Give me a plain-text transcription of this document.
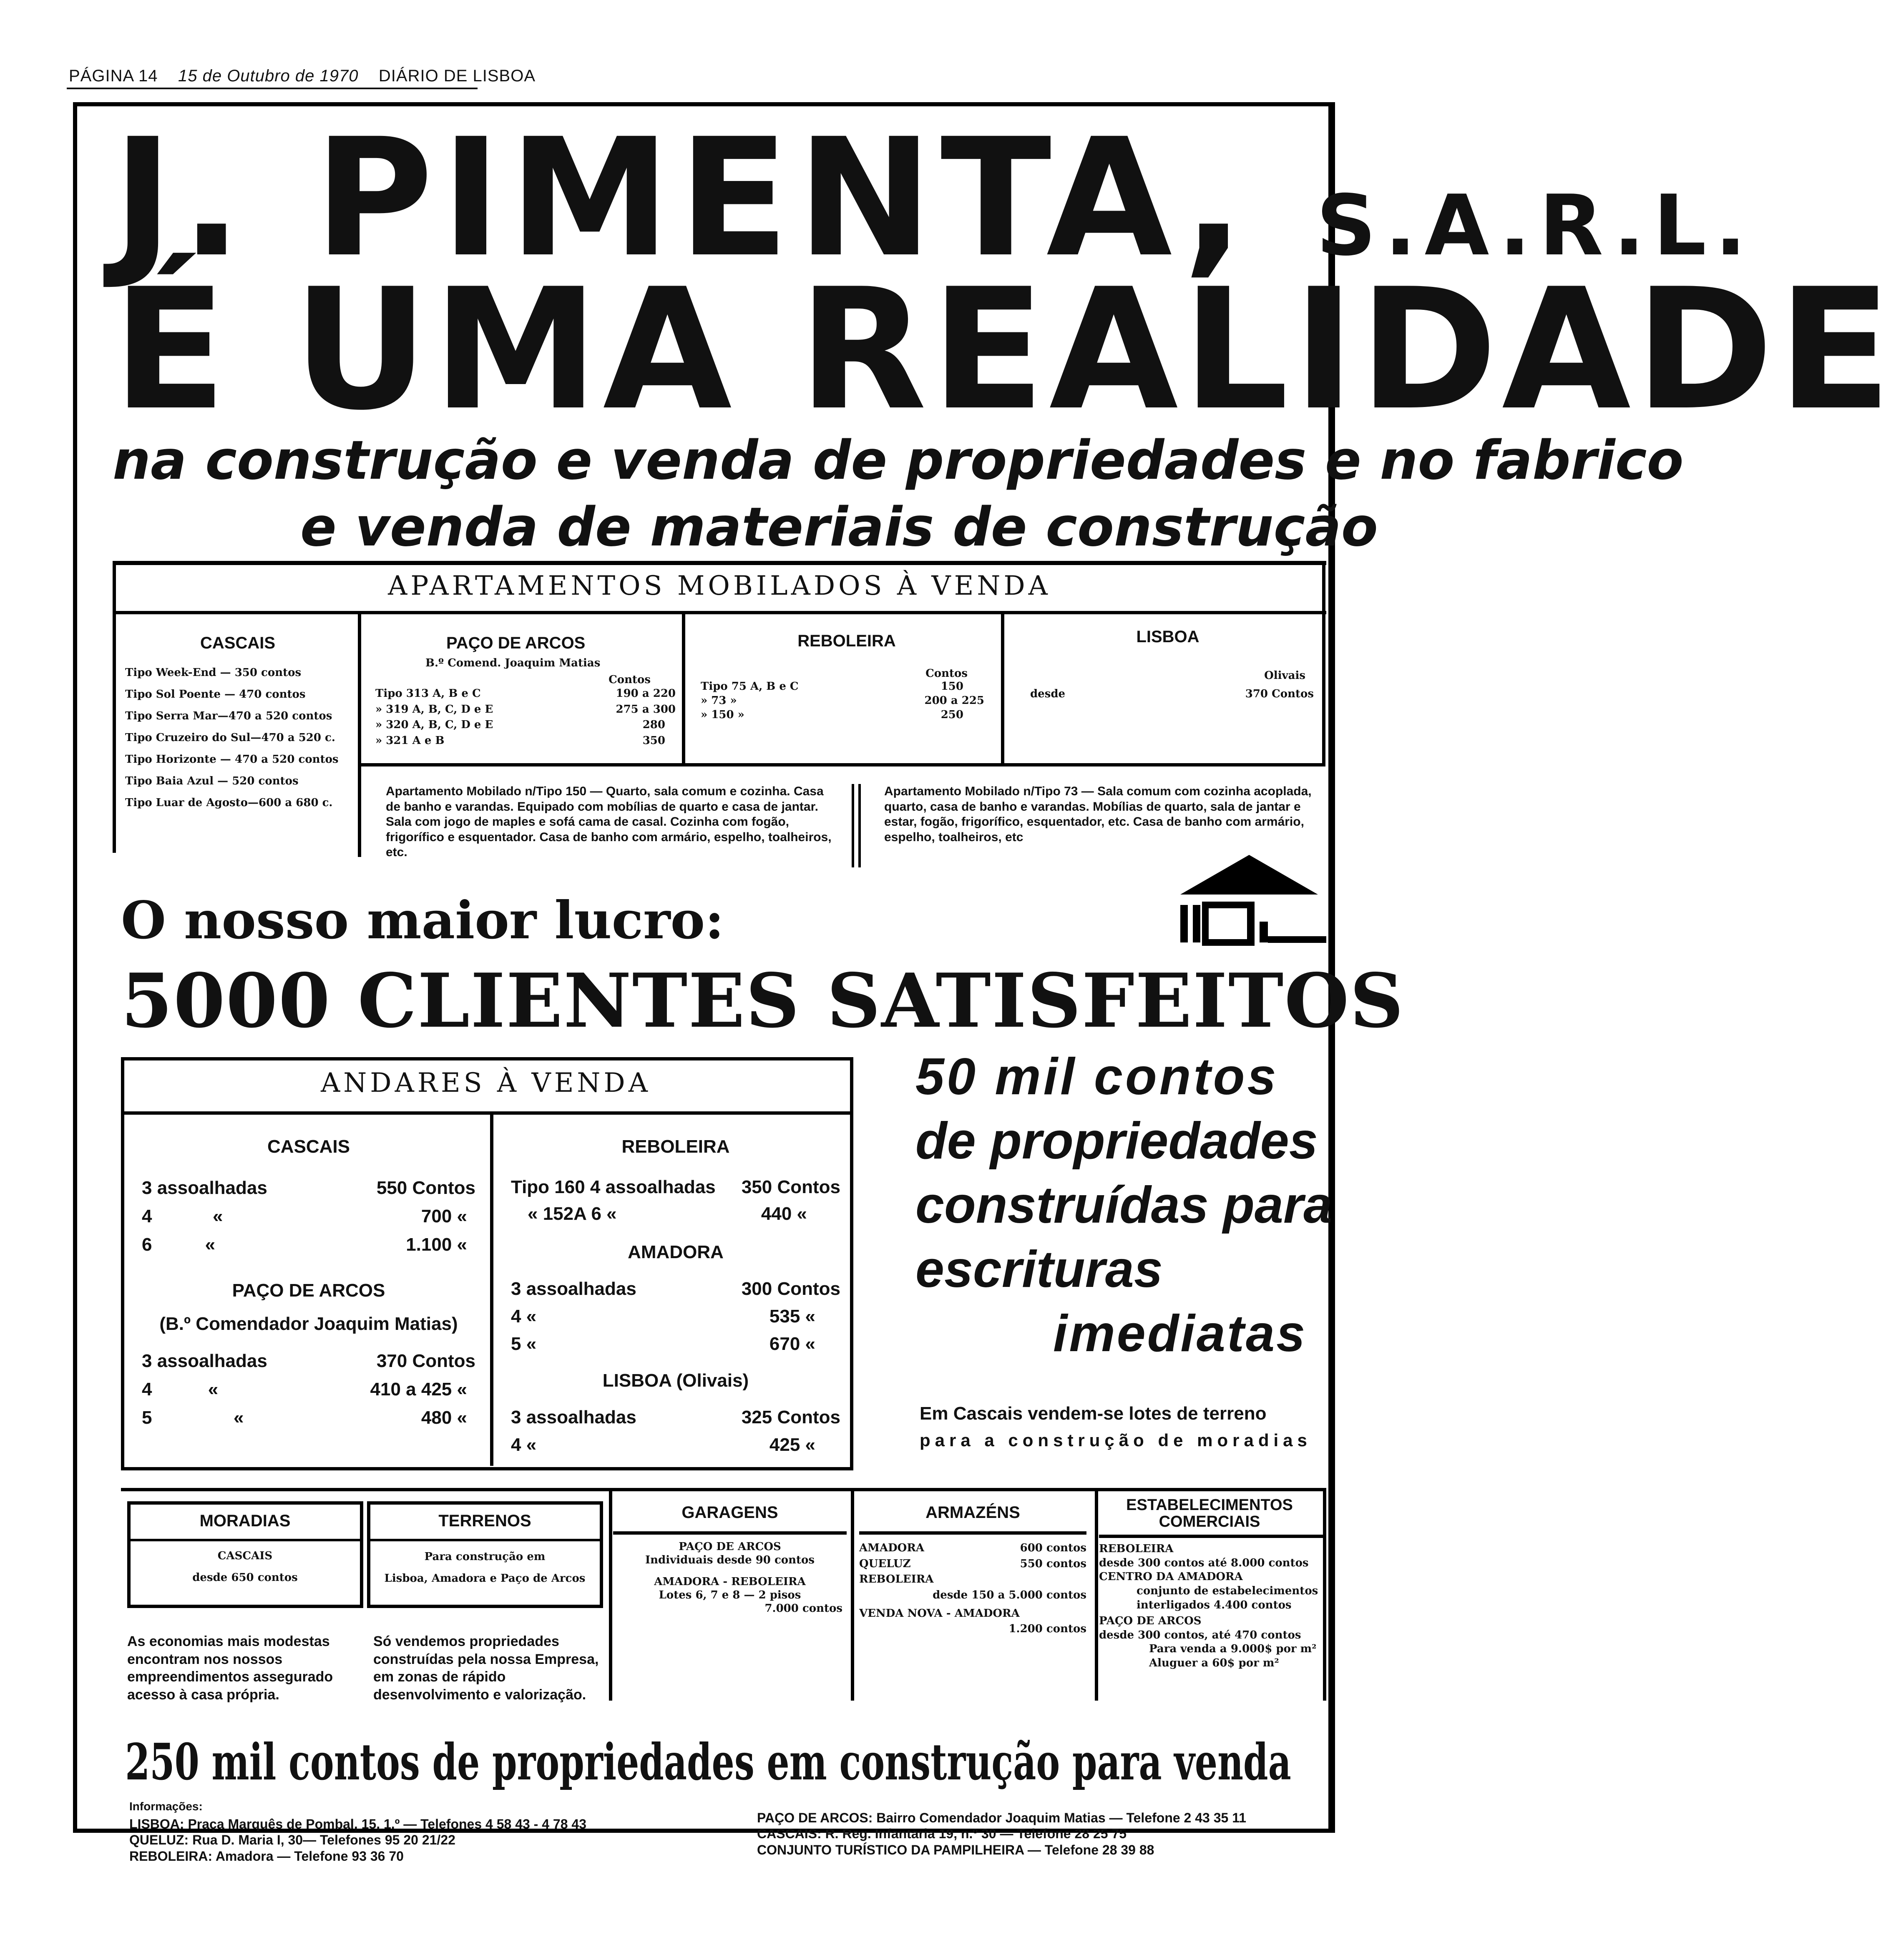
PÁGINA 14 15 de Outubro de 1970 DIÁRIO DE LISBOA
J. PIMENTA, S.A.R.L.
É UMA REALIDADE
na construção e venda de propriedades e no fabrico
e venda de materiais de construção
APARTAMENTOS MOBILADOS À VENDA
CASCAIS
Tipo Week-End — 350 contos
Tipo Sol Poente — 470 contos
Tipo Serra Mar—470 a 520 contos
Tipo Cruzeiro do Sul—470 a 520 c.
Tipo Horizonte — 470 a 520 contos
Tipo Baia Azul — 520 contos
Tipo Luar de Agosto—600 a 680 c.
PAÇO DE ARCOS
B.º Comend. Joaquim Matias
Contos
Tipo 313 A, B e C	190 a 220
» 319 A, B, C, D e E	275 a 300
» 320 A, B, C, D e E	280
» 321 A e B	350
REBOLEIRA
Contos
Tipo 75 A, B e C	150
» 73 »	200 a 225
» 150 »	250
LISBOA
Olivais
desde	370 Contos
Apartamento Mobilado n/Tipo 150 — Quarto, sala comum e cozinha. Casa de banho e varandas. Equipado com mobílias de quarto e casa de jantar. Sala com jogo de maples e sofá cama de casal. Cozinha com fogão, frigorífico e esquentador. Casa de banho com armário, espelho, toalheiros, etc.
Apartamento Mobilado n/Tipo 73 — Sala comum com cozinha acoplada, quarto, casa de banho e varandas. Mobílias de quarto, sala de jantar e estar, fogão, frigorífico, esquentador, etc. Casa de banho com armário, espelho, toalheiros, etc
O nosso maior lucro:
5000 CLIENTES SATISFEITOS
ANDARES À VENDA
CASCAIS
3 assoalhadas	550 Contos
4	«	700 «
6	«	1.100 «
PAÇO DE ARCOS
(B.º Comendador Joaquim Matias)
3 assoalhadas	370 Contos
4	«	410 a 425 «
5	«	480 «
REBOLEIRA
Tipo 160 4 assoalhadas 350 Contos
« 152A 6 «	440 «
AMADORA
3 assoalhadas	300 Contos
4 «	535 «
5 «	670 «
LISBOA (Olivais)
3 assoalhadas	325 Contos
4 «	425 «
50 mil contos
de propriedades
construídas para
escrituras
imediatas
Em Cascais vendem-se lotes de terreno
para a construção de moradias
MORADIAS
CASCAIS
desde 650 contos
As economias mais modestas encontram nos nossos empreendimentos assegurado acesso à casa própria.
TERRENOS
Para construção em
Lisboa, Amadora e Paço de Arcos
Só vendemos propriedades construídas pela nossa Empresa, em zonas de rápido desenvolvimento e valorização.
GARAGENS
PAÇO DE ARCOS
Individuais desde 90 contos
AMADORA - REBOLEIRA
Lotes 6, 7 e 8 — 2 pisos
7.000 contos
ARMAZÉNS
AMADORA	600 contos
QUELUZ	550 contos
REBOLEIRA
desde 150 a 5.000 contos
VENDA NOVA - AMADORA
1.200 contos
ESTABELECIMENTOS COMERCIAIS
REBOLEIRA
desde 300 contos até 8.000 contos
CENTRO DA AMADORA
conjunto de estabelecimentos
interligados 4.400 contos
PAÇO DE ARCOS
desde 300 contos, até 470 contos
Para venda a 9.000$ por m²
Aluguer a 60$ por m²
250 mil contos de propriedades em construção para venda
Informações:
LISBOA: Praça Marquês de Pombal, 15, 1.º — Telefones 4 58 43 - 4 78 43
QUELUZ: Rua D. Maria I, 30— Telefones 95 20 21/22
REBOLEIRA: Amadora — Telefone 93 36 70
PAÇO DE ARCOS: Bairro Comendador Joaquim Matias — Telefone 2 43 35 11
CASCAIS: R. Reg. Infantaria 19, n.º 30 — Telefone 28 25 75
CONJUNTO TURÍSTICO DA PAMPILHEIRA — Telefone 28 39 88
